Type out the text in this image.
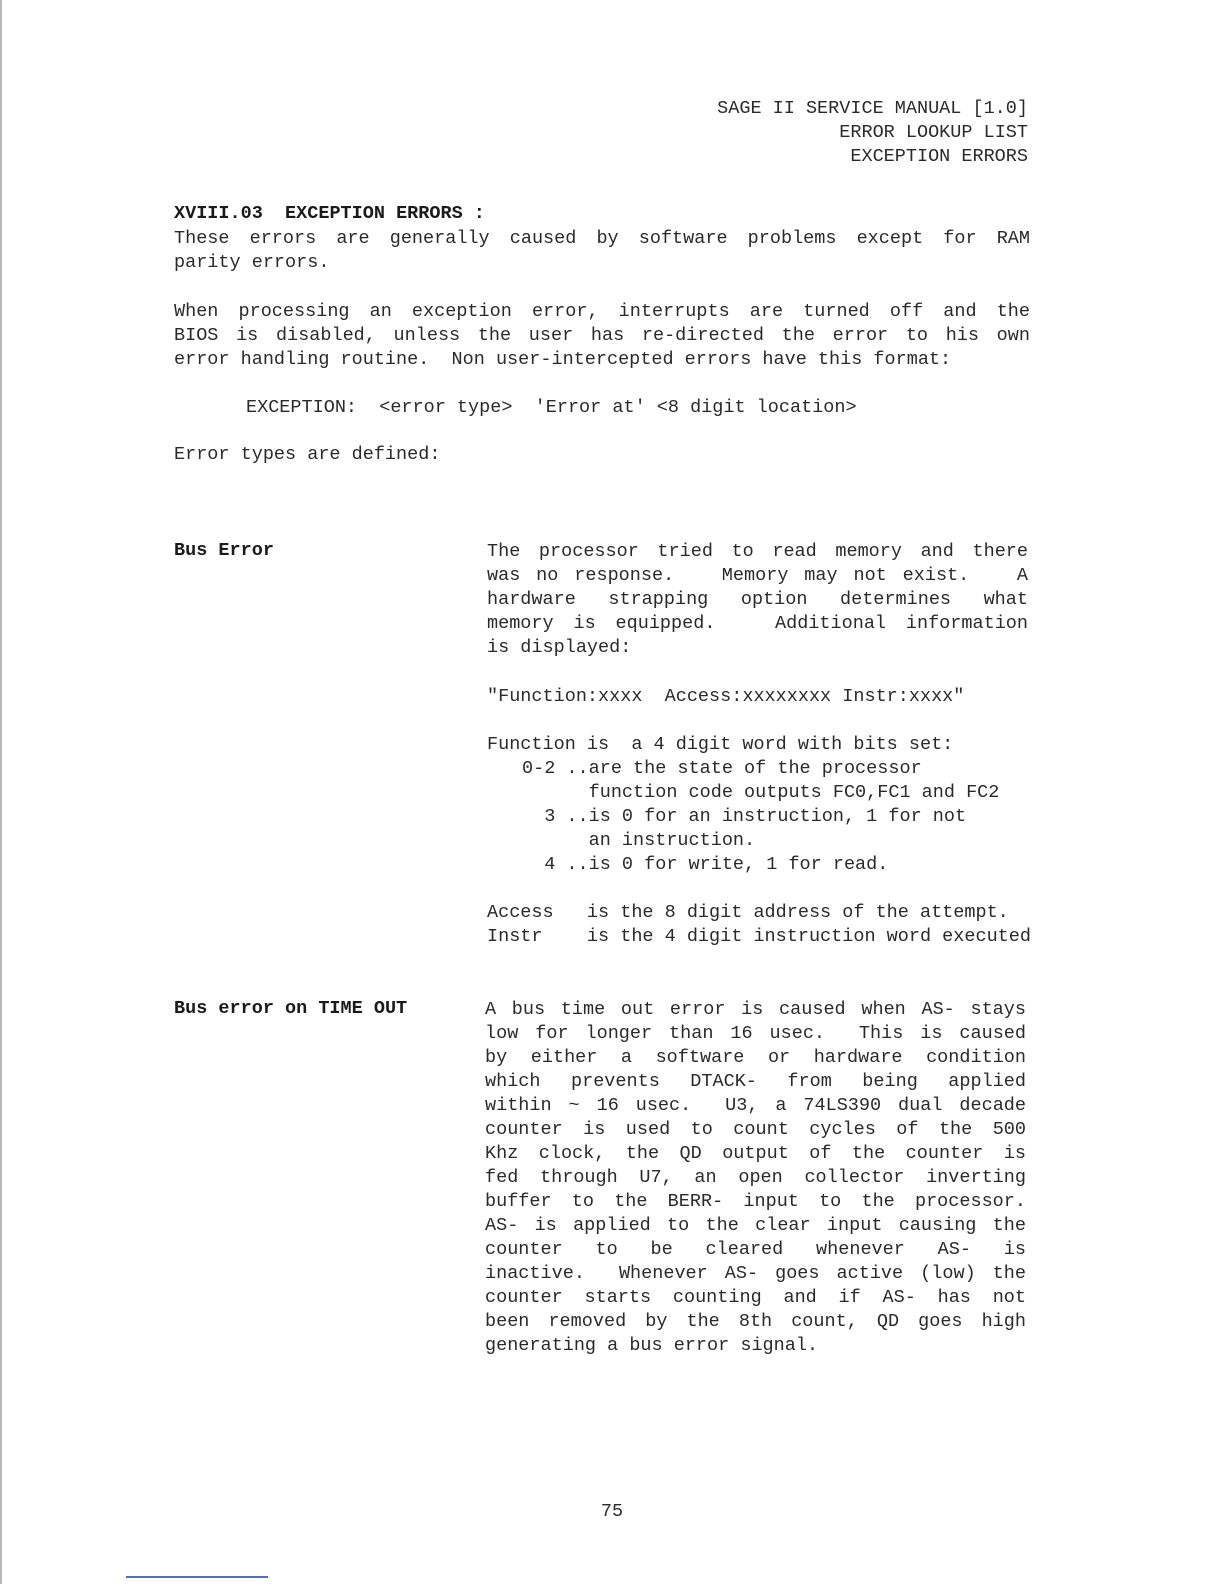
SAGE II SERVICE MANUAL [1.0]
ERROR LOOKUP LIST
EXCEPTION ERRORS
XVIII.03 EXCEPTION ERRORS :
These errors are generally caused by software problems except for RAM
parity errors.
When processing an exception error, interrupts are turned off and the
BIOS is disabled, unless the user has re-directed the error to his own
error handling routine.  Non user-intercepted errors have this format:
EXCEPTION:  <error type>  'Error at' <8 digit location>
Error types are defined:
Bus Error	The processor tried to read memory and there
was no response.   Memory may not exist.   A
hardware strapping option determines what
memory is equipped.   Additional information
is displayed:
"Function:xxxx  Access:xxxxxxxx Instr:xxxx"
Function is  a 4 digit word with bits set:
0-2 ..are the state of the processor
function code outputs FC0,FC1 and FC2
3 ..is 0 for an instruction, 1 for not
an instruction.
4 ..is 0 for write, 1 for read.
Access   is the 8 digit address of the attempt.
Instr    is the 4 digit instruction word executed
Bus error on TIME OUT	A bus time out error is caused when AS- stays
low for longer than 16 usec.  This is caused
by either a software or hardware condition
which prevents DTACK- from being applied
within ~ 16 usec.  U3, a 74LS390 dual decade
counter is used to count cycles of the 500
Khz clock, the QD output of the counter is
fed through U7, an open collector inverting
buffer to the BERR- input to the processor.
AS- is applied to the clear input causing the
counter to be cleared whenever AS- is
inactive.  Whenever AS- goes active (low) the
counter starts counting and if AS- has not
been removed by the 8th count, QD goes high
generating a bus error signal.
75
